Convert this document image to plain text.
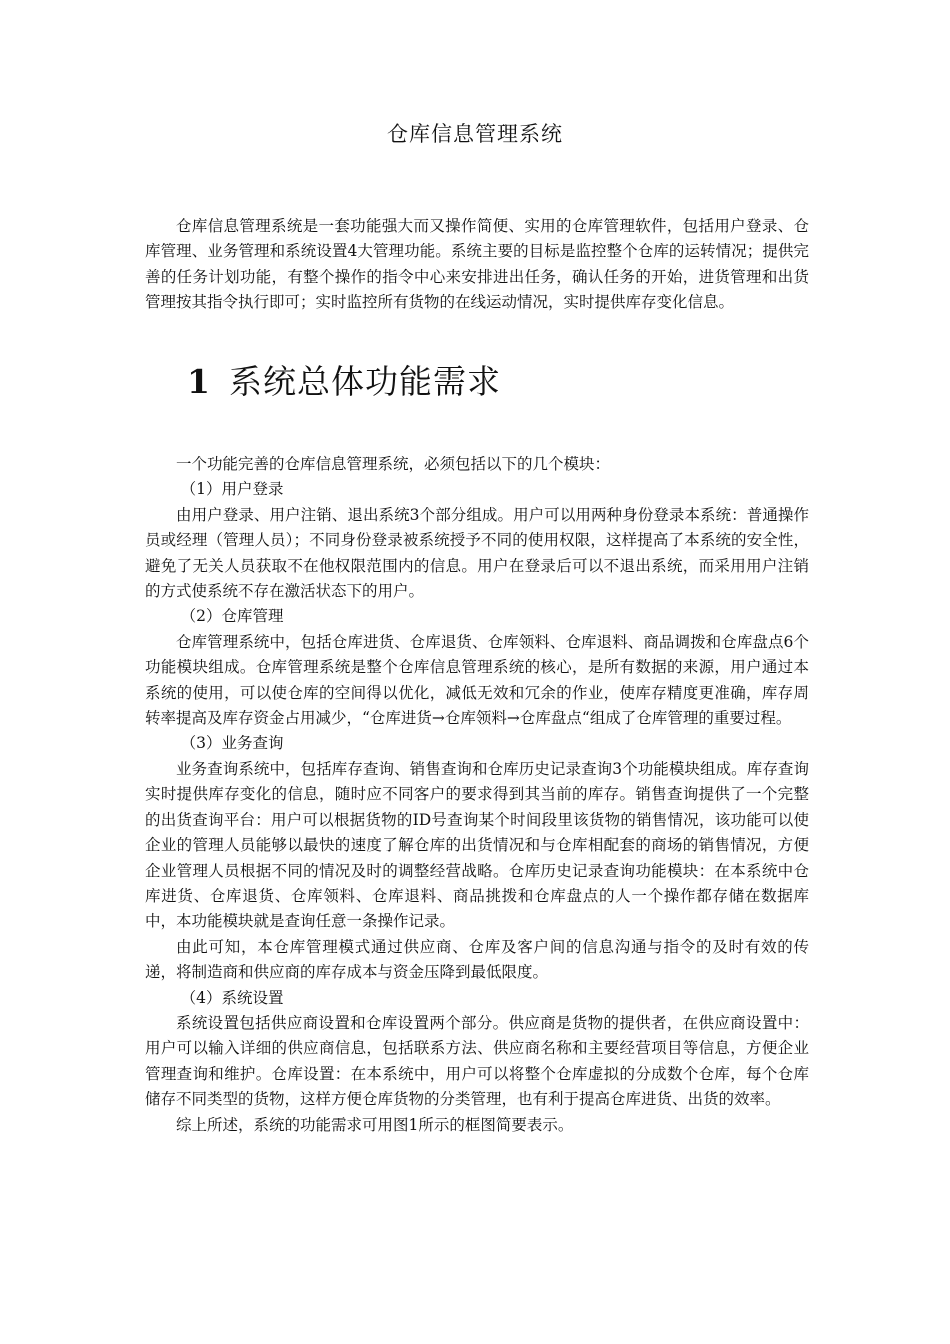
仓库信息管理系统

仓库信息管理系统是一套功能强大而又操作简便、实用的仓库管理软件，包括用户登录、仓库管理、业务管理和系统设置4大管理功能。系统主要的目标是监控整个仓库的运转情况；提供完善的任务计划功能，有整个操作的指令中心来安排进出任务，确认任务的开始，进货管理和出货管理按其指令执行即可；实时监控所有货物的在线运动情况，实时提供库存变化信息。

1 系统总体功能需求

一个功能完善的仓库信息管理系统，必须包括以下的几个模块：

（1）用户登录

由用户登录、用户注销、退出系统3个部分组成。用户可以用两种身份登录本系统：普通操作员或经理（管理人员）；不同身份登录被系统授予不同的使用权限，这样提高了本系统的安全性，避免了无关人员获取不在他权限范围内的信息。用户在登录后可以不退出系统，而采用用户注销的方式使系统不存在激活状态下的用户。

（2）仓库管理

仓库管理系统中，包括仓库进货、仓库退货、仓库领料、仓库退料、商品调拨和仓库盘点6个功能模块组成。仓库管理系统是整个仓库信息管理系统的核心，是所有数据的来源，用户通过本系统的使用，可以使仓库的空间得以优化，减低无效和冗余的作业，使库存精度更准确，库存周转率提高及库存资金占用减少，“仓库进货→仓库领料→仓库盘点“组成了仓库管理的重要过程。

（3）业务查询

业务查询系统中，包括库存查询、销售查询和仓库历史记录查询3个功能模块组成。库存查询实时提供库存变化的信息，随时应不同客户的要求得到其当前的库存。销售查询提供了一个完整的出货查询平台：用户可以根据货物的ID号查询某个时间段里该货物的销售情况，该功能可以使企业的管理人员能够以最快的速度了解仓库的出货情况和与仓库相配套的商场的销售情况，方便企业管理人员根据不同的情况及时的调整经营战略。仓库历史记录查询功能模块：在本系统中仓库进货、仓库退货、仓库领料、仓库退料、商品挑拨和仓库盘点的人一个操作都存储在数据库中，本功能模块就是查询任意一条操作记录。

由此可知，本仓库管理模式通过供应商、仓库及客户间的信息沟通与指令的及时有效的传递，将制造商和供应商的库存成本与资金压降到最低限度。

（4）系统设置

系统设置包括供应商设置和仓库设置两个部分。供应商是货物的提供者，在供应商设置中：用户可以输入详细的供应商信息，包括联系方法、供应商名称和主要经营项目等信息，方便企业管理查询和维护。仓库设置：在本系统中，用户可以将整个仓库虚拟的分成数个仓库，每个仓库储存不同类型的货物，这样方便仓库货物的分类管理，也有利于提高仓库进货、出货的效率。

综上所述，系统的功能需求可用图1所示的框图简要表示。
